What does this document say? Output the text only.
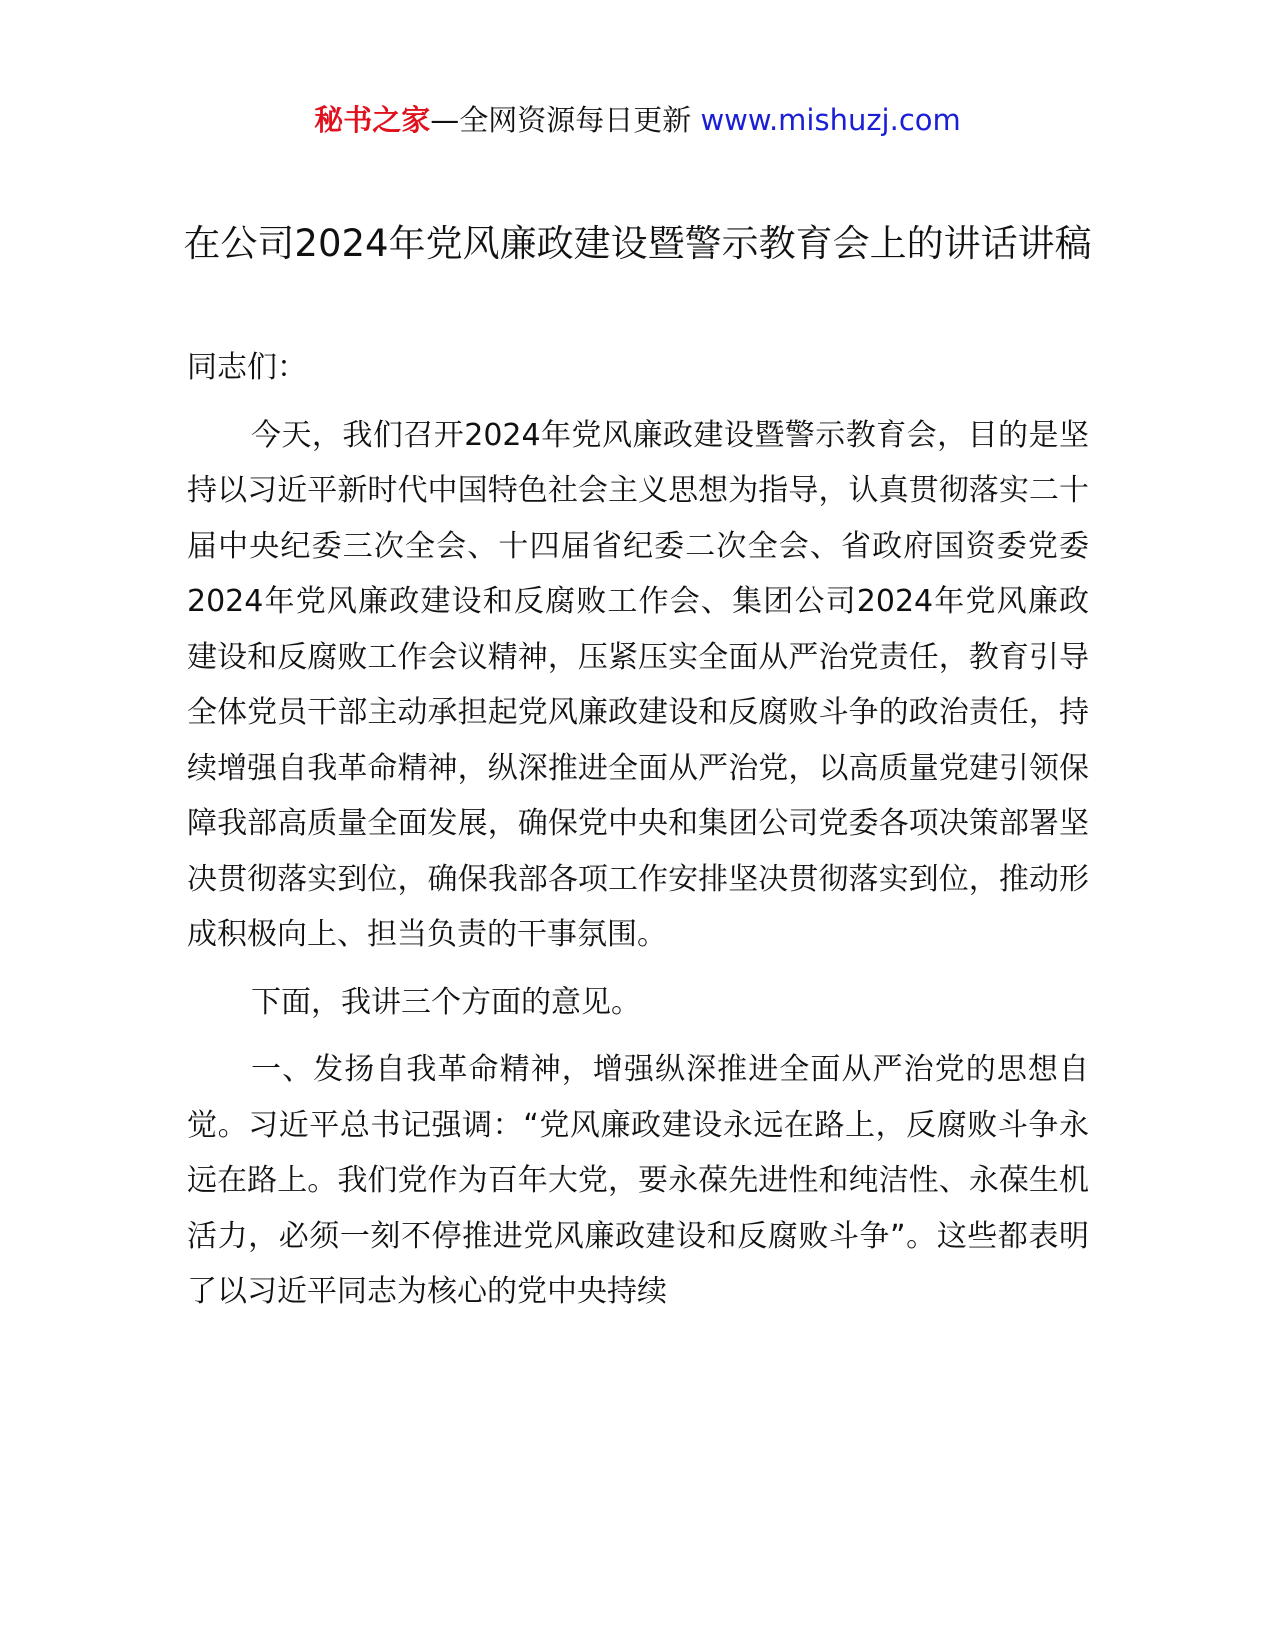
秘书之家—全网资源每日更新 www.mishuzj.com
在公司2024年党风廉政建设暨警示教育会上的讲话讲稿

同志们：

今天，我们召开2024年党风廉政建设暨警示教育会，目的是坚持以习近平新时代中国特色社会主义思想为指导，认真贯彻落实二十届中央纪委三次全会、十四届省纪委二次全会、省政府国资委党委2024年党风廉政建设和反腐败工作会、集团公司2024年党风廉政建设和反腐败工作会议精神，压紧压实全面从严治党责任，教育引导全体党员干部主动承担起党风廉政建设和反腐败斗争的政治责任，持续增强自我革命精神，纵深推进全面从严治党，以高质量党建引领保障我部高质量全面发展，确保党中央和集团公司党委各项决策部署坚决贯彻落实到位，确保我部各项工作安排坚决贯彻落实到位，推动形成积极向上、担当负责的干事氛围。

下面，我讲三个方面的意见。

一、发扬自我革命精神，增强纵深推进全面从严治党的思想自觉。习近平总书记强调：“党风廉政建设永远在路上，反腐败斗争永远在路上。我们党作为百年大党，要永葆先进性和纯洁性、永葆生机活力，必须一刻不停推进党风廉政建设和反腐败斗争”。这些都表明了以习近平同志为核心的党中央持续
